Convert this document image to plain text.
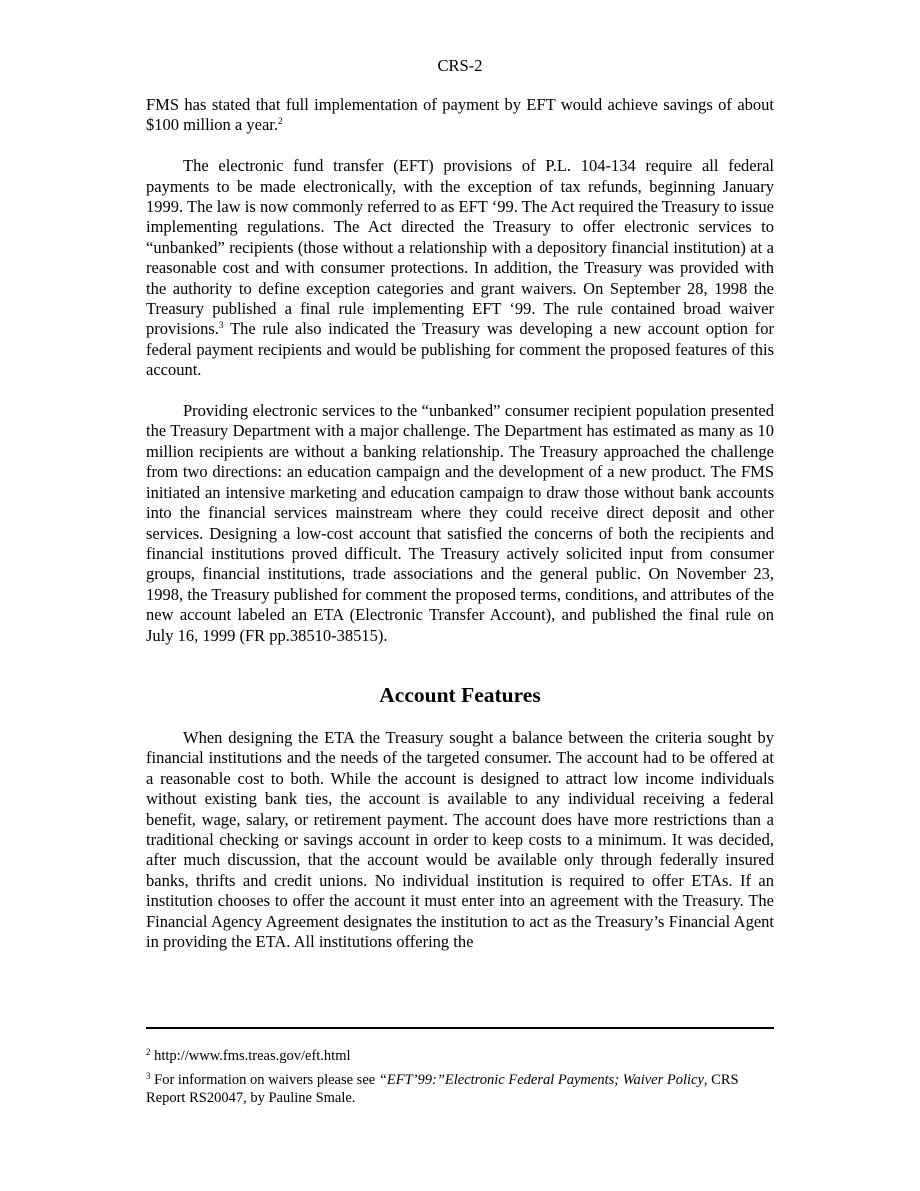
CRS-2

FMS has stated that full implementation of payment by EFT would achieve savings of about $100 million a year.$^2$

The electronic fund transfer (EFT) provisions of P.L. 104-134 require all federal payments to be made electronically, with the exception of tax refunds, beginning January 1999. The law is now commonly referred to as EFT ‘99. The Act required the Treasury to issue implementing regulations. The Act directed the Treasury to offer electronic services to “unbanked” recipients (those without a relationship with a depository financial institution) at a reasonable cost and with consumer protections. In addition, the Treasury was provided with the authority to define exception categories and grant waivers. On September 28, 1998 the Treasury published a final rule implementing EFT ‘99. The rule contained broad waiver provisions.$^3$ The rule also indicated the Treasury was developing a new account option for federal payment recipients and would be publishing for comment the proposed features of this account.

Providing electronic services to the “unbanked” consumer recipient population presented the Treasury Department with a major challenge. The Department has estimated as many as 10 million recipients are without a banking relationship. The Treasury approached the challenge from two directions: an education campaign and the development of a new product. The FMS initiated an intensive marketing and education campaign to draw those without bank accounts into the financial services mainstream where they could receive direct deposit and other services. Designing a low-cost account that satisfied the concerns of both the recipients and financial institutions proved difficult. The Treasury actively solicited input from consumer groups, financial institutions, trade associations and the general public. On November 23, 1998, the Treasury published for comment the proposed terms, conditions, and attributes of the new account labeled an ETA (Electronic Transfer Account), and published the final rule on July 16, 1999 (FR pp.38510-38515).

Account Features

When designing the ETA the Treasury sought a balance between the criteria sought by financial institutions and the needs of the targeted consumer. The account had to be offered at a reasonable cost to both. While the account is designed to attract low income individuals without existing bank ties, the account is available to any individual receiving a federal benefit, wage, salary, or retirement payment. The account does have more restrictions than a traditional checking or savings account in order to keep costs to a minimum. It was decided, after much discussion, that the account would be available only through federally insured banks, thrifts and credit unions. No individual institution is required to offer ETAs. If an institution chooses to offer the account it must enter into an agreement with the Treasury. The Financial Agency Agreement designates the institution to act as the Treasury’s Financial Agent in providing the ETA. All institutions offering the

$^2$ http://www.fms.treas.gov/eft.html

$^3$ For information on waivers please see “EFT’99:”Electronic Federal Payments; Waiver Policy, CRS Report RS20047, by Pauline Smale.
